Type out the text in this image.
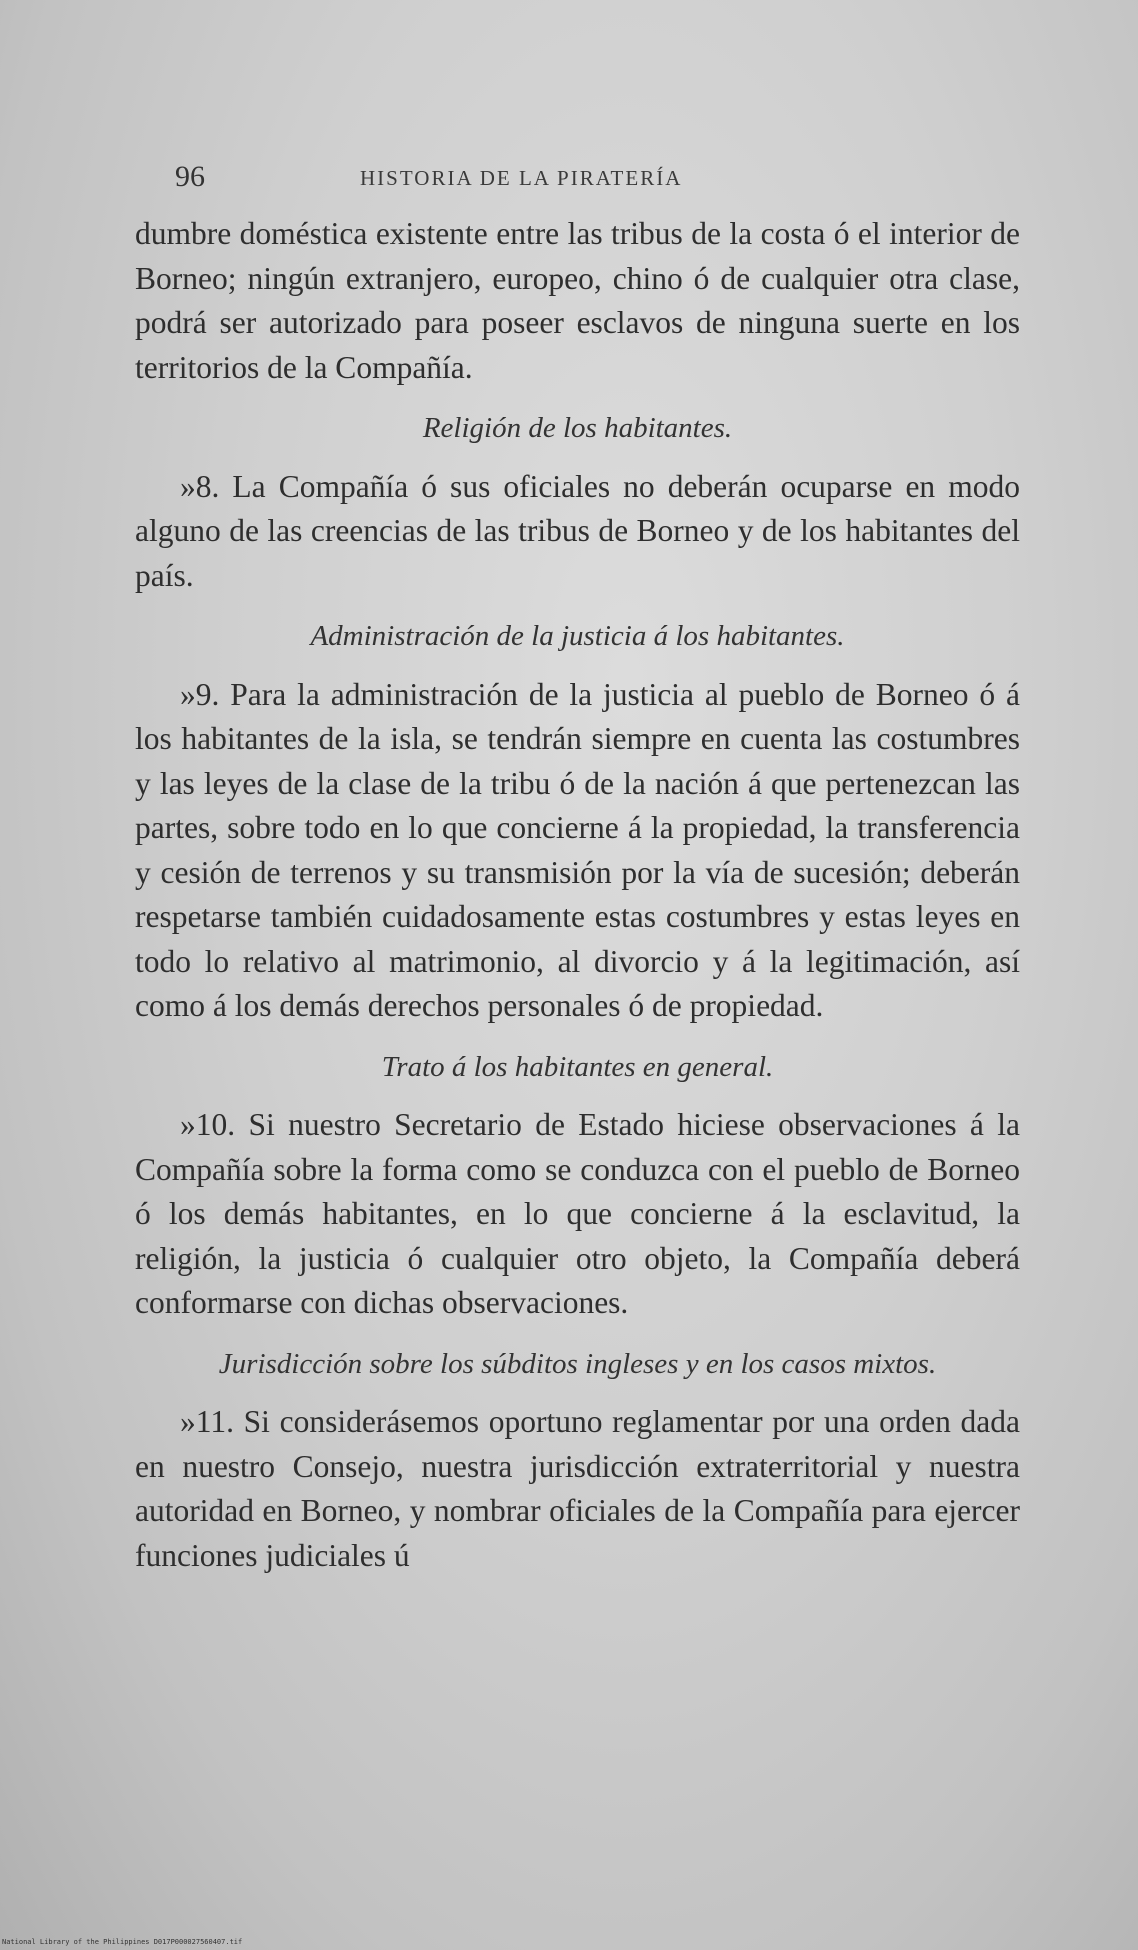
96	HISTORIA DE LA PIRATERÍA

dumbre doméstica existente entre las tribus de la costa ó el interior de Borneo; ningún extranjero, europeo, chino ó de cualquier otra clase, podrá ser autorizado para poseer esclavos de ninguna suerte en los territorios de la Compañía.

Religión de los habitantes.

»8. La Compañía ó sus oficiales no deberán ocuparse en modo alguno de las creencias de las tribus de Borneo y de los habitantes del país.

Administración de la justicia á los habitantes.

»9. Para la administración de la justicia al pueblo de Borneo ó á los habitantes de la isla, se tendrán siempre en cuenta las costumbres y las leyes de la clase de la tribu ó de la nación á que pertenezcan las partes, sobre todo en lo que concierne á la propiedad, la transferencia y cesión de terrenos y su transmisión por la vía de sucesión; deberán respetarse también cuidadosamente estas costumbres y estas leyes en todo lo relativo al matrimonio, al divorcio y á la legitimación, así como á los demás derechos personales ó de propiedad.

Trato á los habitantes en general.

»10. Si nuestro Secretario de Estado hiciese observaciones á la Compañía sobre la forma como se conduzca con el pueblo de Borneo ó los demás habitantes, en lo que concierne á la esclavitud, la religión, la justicia ó cualquier otro objeto, la Compañía deberá conformarse con dichas observaciones.

Jurisdicción sobre los súbditos ingleses y en los casos mixtos.

»11. Si considerásemos oportuno reglamentar por una orden dada en nuestro Consejo, nuestra jurisdicción extraterritorial y nuestra autoridad en Borneo, y nombrar oficiales de la Compañía para ejercer funciones judiciales ú

National Library of the Philippines D017P000027560407.tif
